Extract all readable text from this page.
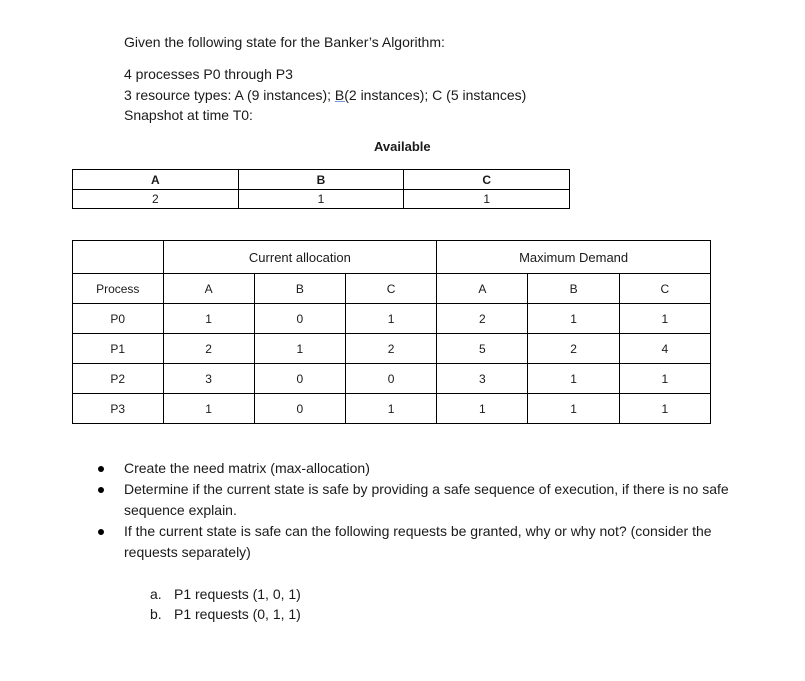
Given the following state for the Banker’s Algorithm:
4 processes P0 through P3
3 resource types: A (9 instances); B(2 instances); C (5 instances)
Snapshot at time T0:
Available
A	B	C
2	1	1
	Current allocation			Maximum Demand		
Process	A	B	C	A	B	C
P0	1	0	1	2	1	1
P1	2	1	2	5	2	4
P2	3	0	0	3	1	1
P3	1	0	1	1	1	1
Create the need matrix (max-allocation)
Determine if the current state is safe by providing a safe sequence of execution, if there is no safe sequence explain.
If the current state is safe can the following requests be granted, why or why not? (consider the requests separately)
a. P1 requests (1, 0, 1)
b. P1 requests (0, 1, 1)
